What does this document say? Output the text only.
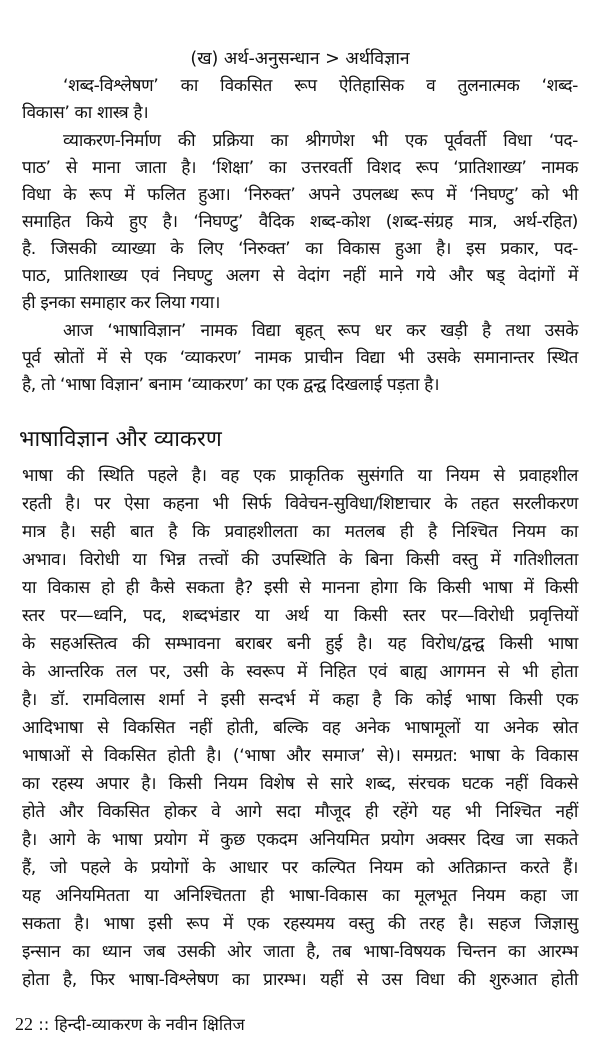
(ख) अर्थ-अनुसन्धान > अर्थविज्ञान
‘शब्द-विश्लेषण’ का विकसित रूप ऐतिहासिक व तुलनात्मक ‘शब्द-
विकास’ का शास्त्र है।
व्याकरण-निर्माण की प्रक्रिया का श्रीगणेश भी एक पूर्ववर्ती विधा ‘पद-
पाठ’ से माना जाता है। ‘शिक्षा’ का उत्तरवर्ती विशद रूप ‘प्रातिशाख्य’ नामक
विधा के रूप में फलित हुआ। ‘निरुक्त’ अपने उपलब्ध रूप में ‘निघण्टु’ को भी
समाहित किये हुए है। ‘निघण्टु’ वैदिक शब्द-कोश (शब्द-संग्रह मात्र, अर्थ-रहित)
है. जिसकी व्याख्या के लिए ‘निरुक्त’ का विकास हुआ है। इस प्रकार, पद-
पाठ, प्रातिशाख्य एवं निघण्टु अलग से वेदांग नहीं माने गये और षड् वेदांगों में
ही इनका समाहार कर लिया गया।
आज ‘भाषाविज्ञान’ नामक विद्या बृहत् रूप धर कर खड़ी है तथा उसके
पूर्व स्रोतों में से एक ‘व्याकरण’ नामक प्राचीन विद्या भी उसके समानान्तर स्थित
है, तो ‘भाषा विज्ञान’ बनाम ‘व्याकरण’ का एक द्वन्द्व दिखलाई पड़ता है।
भाषाविज्ञान और व्याकरण
भाषा की स्थिति पहले है। वह एक प्राकृतिक सुसंगति या नियम से प्रवाहशील
रहती है। पर ऐसा कहना भी सिर्फ विवेचन-सुविधा/शिष्टाचार के तहत सरलीकरण
मात्र है। सही बात है कि प्रवाहशीलता का मतलब ही है निश्चित नियम का
अभाव। विरोधी या भिन्न तत्त्वों की उपस्थिति के बिना किसी वस्तु में गतिशीलता
या विकास हो ही कैसे सकता है? इसी से मानना होगा कि किसी भाषा में किसी
स्तर पर—ध्वनि, पद, शब्दभंडार या अर्थ या किसी स्तर पर—विरोधी प्रवृत्तियों
के सहअस्तित्व की सम्भावना बराबर बनी हुई है। यह विरोध/द्वन्द्व किसी भाषा
के आन्तरिक तल पर, उसी के स्वरूप में निहित एवं बाह्य आगमन से भी होता
है। डॉ. रामविलास शर्मा ने इसी सन्दर्भ में कहा है कि कोई भाषा किसी एक
आदिभाषा से विकसित नहीं होती, बल्कि वह अनेक भाषामूलों या अनेक स्रोत
भाषाओं से विकसित होती है। (‘भाषा और समाज’ से)। समग्रत: भाषा के विकास
का रहस्य अपार है। किसी नियम विशेष से सारे शब्द, संरचक घटक नहीं विकसे
होते और विकसित होकर वे आगे सदा मौजूद ही रहेंगे यह भी निश्चित नहीं
है। आगे के भाषा प्रयोग में कुछ एकदम अनियमित प्रयोग अक्सर दिख जा सकते
हैं, जो पहले के प्रयोगों के आधार पर कल्पित नियम को अतिक्रान्त करते हैं।
यह अनियमितता या अनिश्चितता ही भाषा-विकास का मूलभूत नियम कहा जा
सकता है। भाषा इसी रूप में एक रहस्यमय वस्तु की तरह है। सहज जिज्ञासु
इन्सान का ध्यान जब उसकी ओर जाता है, तब भाषा-विषयक चिन्तन का आरम्भ
होता है, फिर भाषा-विश्लेषण का प्रारम्भ। यहीं से उस विधा की शुरुआत होती
22 :: हिन्दी-व्याकरण के नवीन क्षितिज
